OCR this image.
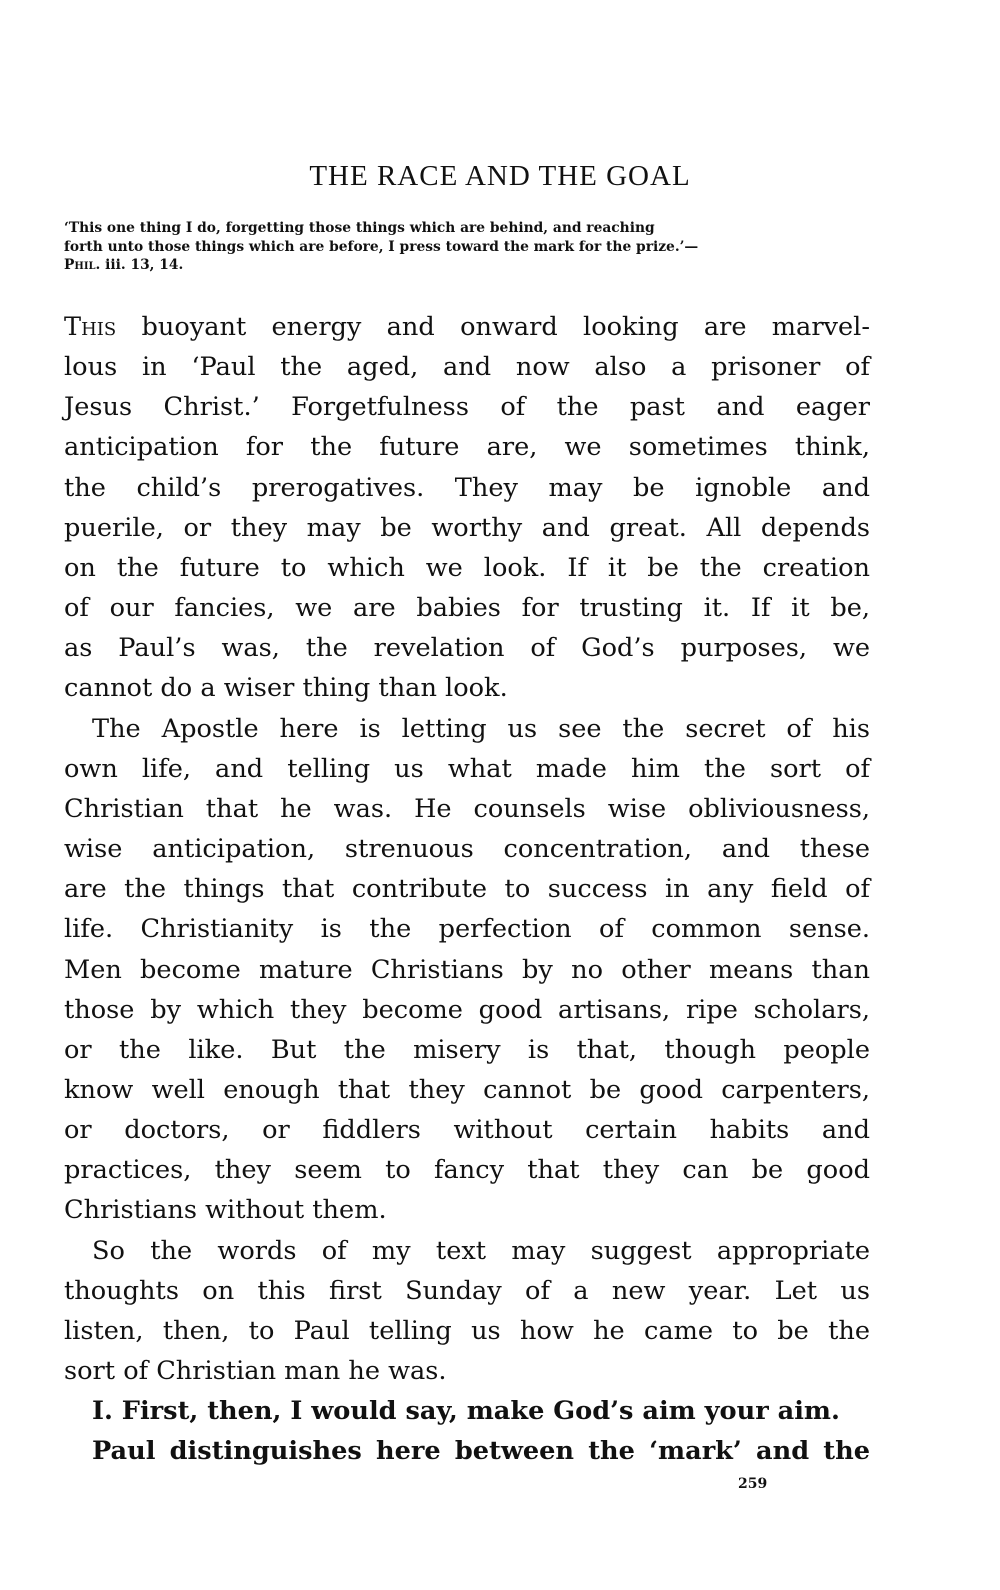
THE RACE AND THE GOAL

‘This one thing I do, forgetting those things which are behind, and reaching
forth unto those things which are before, I press toward the mark for the prize.’—
Phil. iii. 13, 14.

This buoyant energy and onward looking are marvel-
lous in ‘Paul the aged, and now also a prisoner of
Jesus Christ.’ Forgetfulness of the past and eager
anticipation for the future are, we sometimes think,
the child’s prerogatives. They may be ignoble and
puerile, or they may be worthy and great. All depends
on the future to which we look. If it be the creation
of our fancies, we are babies for trusting it. If it be,
as Paul’s was, the revelation of God’s purposes, we
cannot do a wiser thing than look.
The Apostle here is letting us see the secret of his
own life, and telling us what made him the sort of
Christian that he was. He counsels wise obliviousness,
wise anticipation, strenuous concentration, and these
are the things that contribute to success in any field of
life. Christianity is the perfection of common sense.
Men become mature Christians by no other means than
those by which they become good artisans, ripe scholars,
or the like. But the misery is that, though people
know well enough that they cannot be good carpenters,
or doctors, or fiddlers without certain habits and
practices, they seem to fancy that they can be good
Christians without them.
So the words of my text may suggest appropriate
thoughts on this first Sunday of a new year. Let us
listen, then, to Paul telling us how he came to be the
sort of Christian man he was.
I. First, then, I would say, make God’s aim your aim.
Paul distinguishes here between the ‘mark’ and the
259
